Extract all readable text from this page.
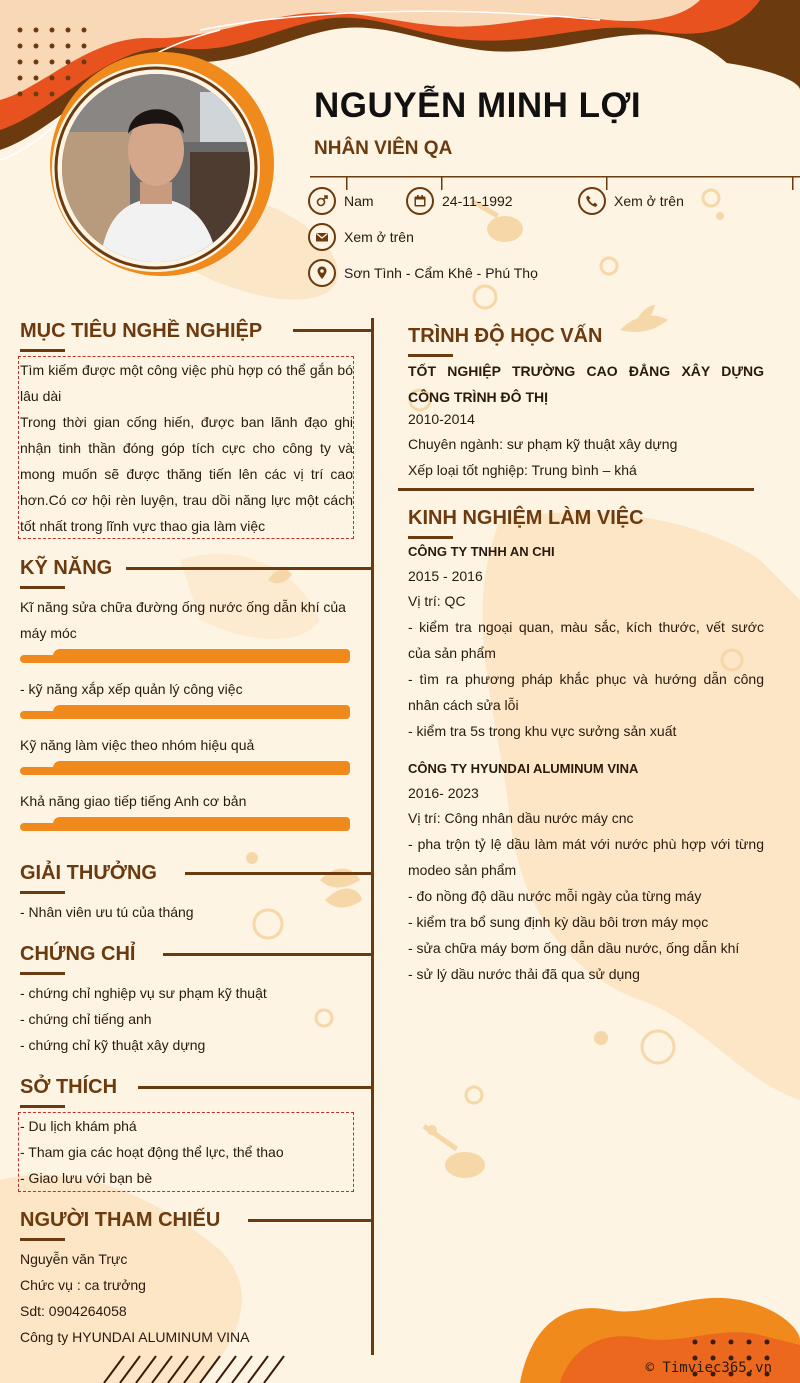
NGUYỄN MINH LỢI
NHÂN VIÊN QA
Nam	24-11-1992	Xem ở trên
Xem ở trên
Sơn Tình - Cẩm Khê - Phú Thọ
MỤC TIÊU NGHỀ NGHIỆP
Tìm kiếm được một công việc phù hợp có thể gắn bó lâu dài
Trong thời gian cống hiến, được ban lãnh đạo ghi nhận tinh thần đóng góp tích cực cho công ty và mong muốn sẽ được thăng tiến lên các vị trí cao hơn.Có cơ hội rèn luyện, trau dồi năng lực một cách tốt nhất trong lĩnh vực thao gia làm việc
KỸ NĂNG
Kĩ năng sửa chữa đường ống nước ống dẫn khí của máy móc
- kỹ năng xắp xếp quản lý công việc
Kỹ năng làm việc theo nhóm hiệu quả
Khả năng giao tiếp tiếng Anh cơ bản
GIẢI THƯỞNG
- Nhân viên ưu tú của tháng
CHỨNG CHỈ
- chứng chỉ nghiệp vụ sư phạm kỹ thuật
- chứng chỉ tiếng anh
- chứng chỉ kỹ thuật xây dựng
SỞ THÍCH
- Du lịch khám phá
- Tham gia các hoạt động thể lực, thể thao
- Giao lưu với bạn bè
NGƯỜI THAM CHIẾU
Nguyễn văn Trực
Chức vụ : ca trưởng
Sdt: 0904264058
Công ty HYUNDAI ALUMINUM VINA
TRÌNH ĐỘ HỌC VẤN
TỐT NGHIỆP TRƯỜNG CAO ĐẲNG XÂY DỰNG CÔNG TRÌNH ĐÔ THỊ
2010-2014
Chuyên ngành: sư phạm kỹ thuật xây dựng
Xếp loại tốt nghiệp: Trung bình – khá
KINH NGHIỆM LÀM VIỆC
CÔNG TY TNHH AN CHI
2015 - 2016
Vị trí: QC
- kiểm tra ngoại quan, màu sắc, kích thước, vết sước của sản phẩm
- tìm ra phương pháp khắc phục và hướng dẫn công nhân cách sửa lỗi
- kiểm tra 5s trong khu vực sưởng sản xuất
CÔNG TY HYUNDAI ALUMINUM VINA
2016- 2023
Vị trí: Công nhân dầu nước máy cnc
- pha trộn tỷ lệ dầu làm mát với nước phù hợp với từng modeo sản phẩm
- đo nồng độ dầu nước mỗi ngày của từng máy
- kiểm tra bổ sung định kỳ dầu bôi trơn máy mọc
- sửa chữa máy bơm ống dẫn dầu nước, ống dẫn khí
- sử lý dầu nước thải đã qua sử dụng
© Timviec365.vn
